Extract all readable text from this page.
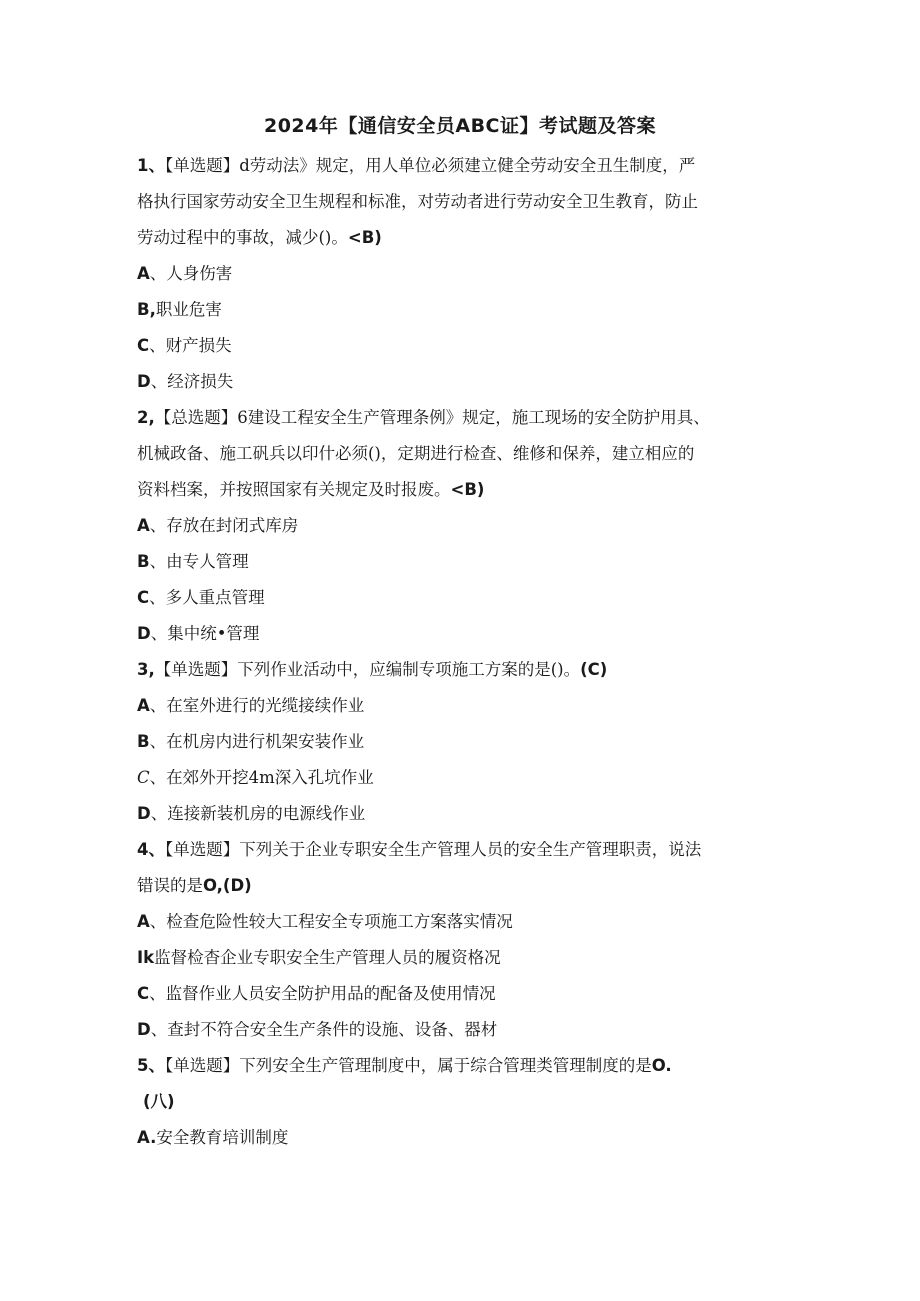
2024年【通信安全员ABC证】考试题及答案
1、【单选题】d劳动法》规定，用人单位必须建立健全劳动安全丑生制度，严
格执行国家劳动安全卫生规程和标准，对劳动者进行劳动安全卫生教育，防止
劳动过程中的事故，减少()。<B)
A、人身伤害
B,职业危害
C、财产损失
D、经济损失
2,【总选题】6建设工程安全生产管理条例》规定，施工现场的安全防护用具、
机械政备、施工矾兵以印什必须()，定期进行检查、维修和保养，建立相应的
资料档案，并按照国家有关规定及时报废。<B)
A、存放在封闭式库房
B、由专人管理
C、多人重点管理
D、集中统•管理
3,【单选题】下列作业活动中，应编制专项施工方案的是()。(C)
A、在室外进行的光缆接续作业
B、在机房内进行机架安装作业
C、在郊外开挖4m深入孔坑作业
D、连接新装机房的电源线作业
4、【单选题】下列关于企业专职安全生产管理人员的安全生产管理职责，说法
错误的是O,(D)
A、检查危险性较大工程安全专项施工方案落实情况
Ik监督检杳企业专职安全生产管理人员的履资格况
C、监督作业人员安全防护用品的配备及使用情况
D、查封不符合安全生产条件的设施、设备、器材
5、【单选题】下列安全生产管理制度中，属于综合管理类管理制度的是O.
(八)
A.安全教育培训制度
